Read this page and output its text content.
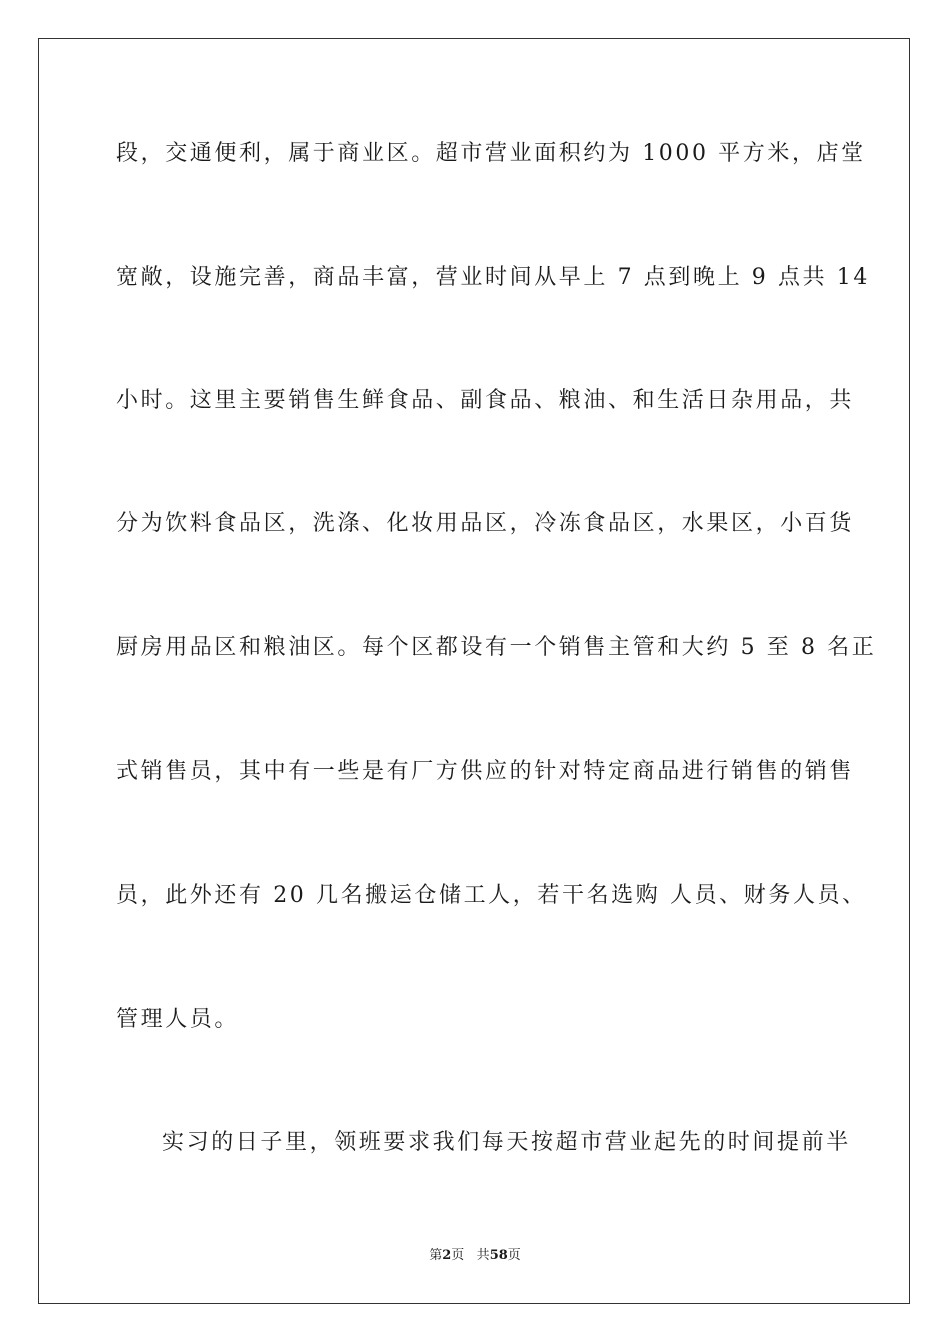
段，交通便利，属于商业区。超市营业面积约为 1000 平方米，店堂
宽敞，设施完善，商品丰富，营业时间从早上 7 点到晚上 9 点共 14
小时。这里主要销售生鲜食品、副食品、粮油、和生活日杂用品，共
分为饮料食品区，洗涤、化妆用品区，冷冻食品区，水果区，小百货
厨房用品区和粮油区。每个区都设有一个销售主管和大约 5 至 8 名正
式销售员，其中有一些是有厂方供应的针对特定商品进行销售的销售
员，此外还有 20 几名搬运仓储工人，若干名选购 人员、财务人员、
管理人员。
实习的日子里，领班要求我们每天按超市营业起先的时间提前半
第2页 共58页
